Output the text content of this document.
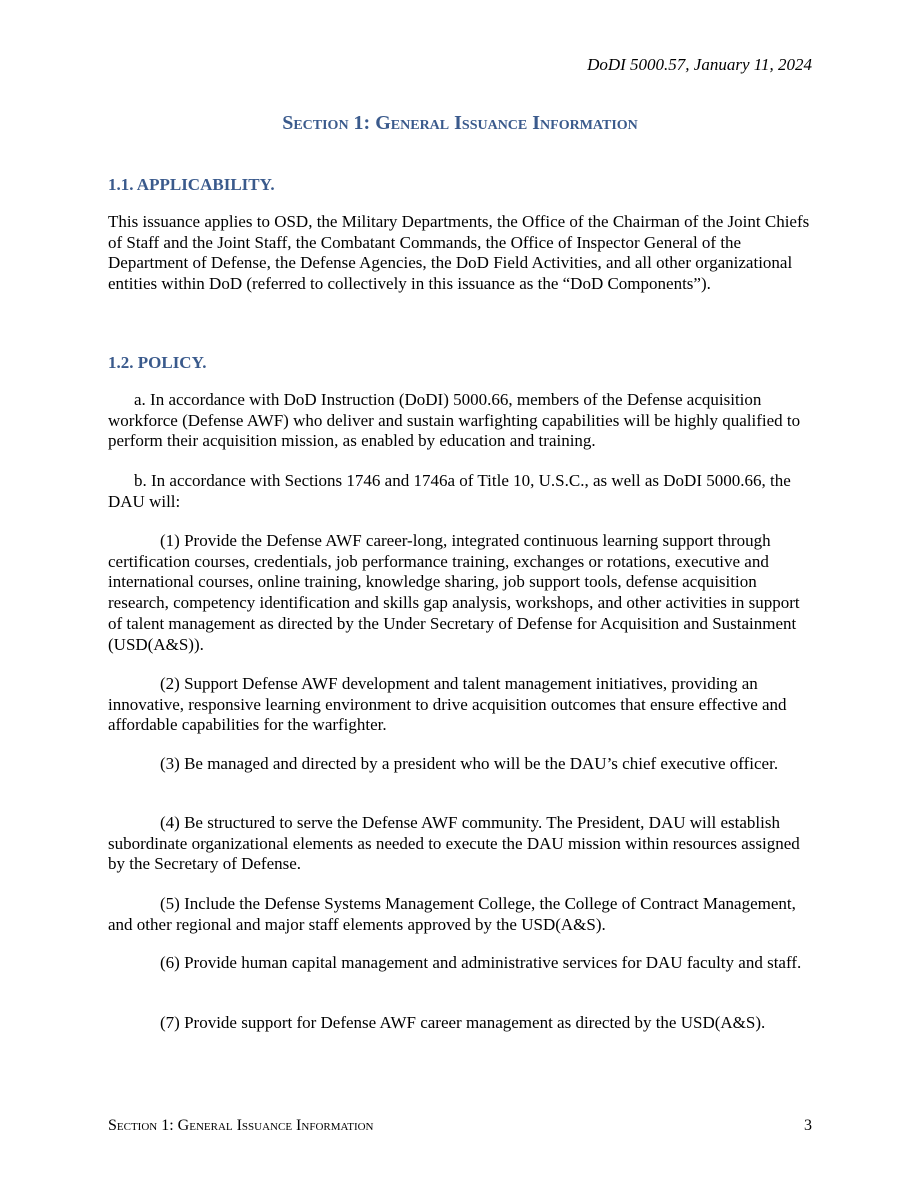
DoDI 5000.57, January 11, 2024
Section 1: General Issuance Information
1.1. APPLICABILITY.

This issuance applies to OSD, the Military Departments, the Office of the Chairman of the Joint Chiefs of Staff and the Joint Staff, the Combatant Commands, the Office of Inspector General of the Department of Defense, the Defense Agencies, the DoD Field Activities, and all other organizational entities within DoD (referred to collectively in this issuance as the “DoD Components”).

1.2. POLICY.

a. In accordance with DoD Instruction (DoDI) 5000.66, members of the Defense acquisition workforce (Defense AWF) who deliver and sustain warfighting capabilities will be highly qualified to perform their acquisition mission, as enabled by education and training.

b. In accordance with Sections 1746 and 1746a of Title 10, U.S.C., as well as DoDI 5000.66, the DAU will:

(1) Provide the Defense AWF career-long, integrated continuous learning support through certification courses, credentials, job performance training, exchanges or rotations, executive and international courses, online training, knowledge sharing, job support tools, defense acquisition research, competency identification and skills gap analysis, workshops, and other activities in support of talent management as directed by the Under Secretary of Defense for Acquisition and Sustainment (USD(A&S)).

(2) Support Defense AWF development and talent management initiatives, providing an innovative, responsive learning environment to drive acquisition outcomes that ensure effective and affordable capabilities for the warfighter.

(3) Be managed and directed by a president who will be the DAU’s chief executive officer.

(4) Be structured to serve the Defense AWF community. The President, DAU will establish subordinate organizational elements as needed to execute the DAU mission within resources assigned by the Secretary of Defense.

(5) Include the Defense Systems Management College, the College of Contract Management, and other regional and major staff elements approved by the USD(A&S).

(6) Provide human capital management and administrative services for DAU faculty and staff.

(7) Provide support for Defense AWF career management as directed by the USD(A&S).

Section 1: General Issuance Information	3
